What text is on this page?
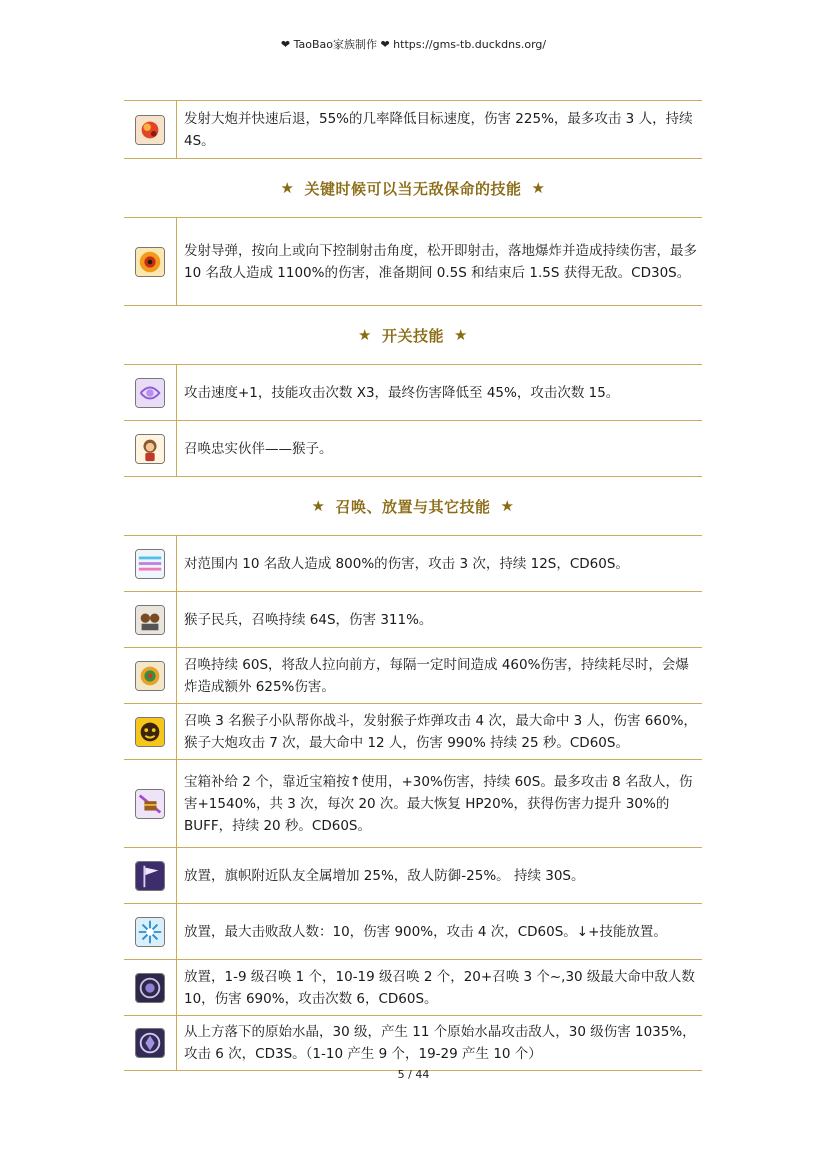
❤ TaoBao家族制作 ❤ https://gms-tb.duckdns.org/
发射大炮并快速后退，55%的几率降低目标速度，伤害 225%，最多攻击 3 人，持续 4S。
★ 关键时候可以当无敌保命的技能 ★
发射导弹，按向上或向下控制射击角度，松开即射击，落地爆炸并造成持续伤害，最多 10 名敌人造成 1100%的伤害，准备期间 0.5S 和结束后 1.5S 获得无敌。CD30S。
★ 开关技能 ★
攻击速度+1，技能攻击次数 X3，最终伤害降低至 45%，攻击次数 15。
召唤忠实伙伴——猴子。
★ 召唤、放置与其它技能 ★
对范围内 10 名敌人造成 800%的伤害，攻击 3 次，持续 12S，CD60S。
猴子民兵，召唤持续 64S，伤害 311%。
召唤持续 60S，将敌人拉向前方，每隔一定时间造成 460%伤害，持续耗尽时，会爆炸造成额外 625%伤害。
召唤 3 名猴子小队帮你战斗，发射猴子炸弹攻击 4 次，最大命中 3 人，伤害 660%，猴子大炮攻击 7 次，最大命中 12 人，伤害 990% 持续 25 秒。CD60S。
宝箱补给 2 个，靠近宝箱按↑使用，+30%伤害，持续 60S。最多攻击 8 名敌人，伤害+1540%，共 3 次，每次 20 次。最大恢复 HP20%，获得伤害力提升 30%的 BUFF，持续 20 秒。CD60S。
放置，旗帜附近队友全属增加 25%，敌人防御-25%。 持续 30S。
放置，最大击败敌人数：10，伤害 900%，攻击 4 次，CD60S。↓+技能放置。
放置，1-9 级召唤 1 个，10-19 级召唤 2 个，20+召唤 3 个~,30 级最大命中敌人数 10，伤害 690%，攻击次数 6，CD60S。
从上方落下的原始水晶，30 级，产生 11 个原始水晶攻击敌人，30 级伤害 1035%，攻击 6 次，CD3S。（1-10 产生 9 个，19-29 产生 10 个）
5 / 44
